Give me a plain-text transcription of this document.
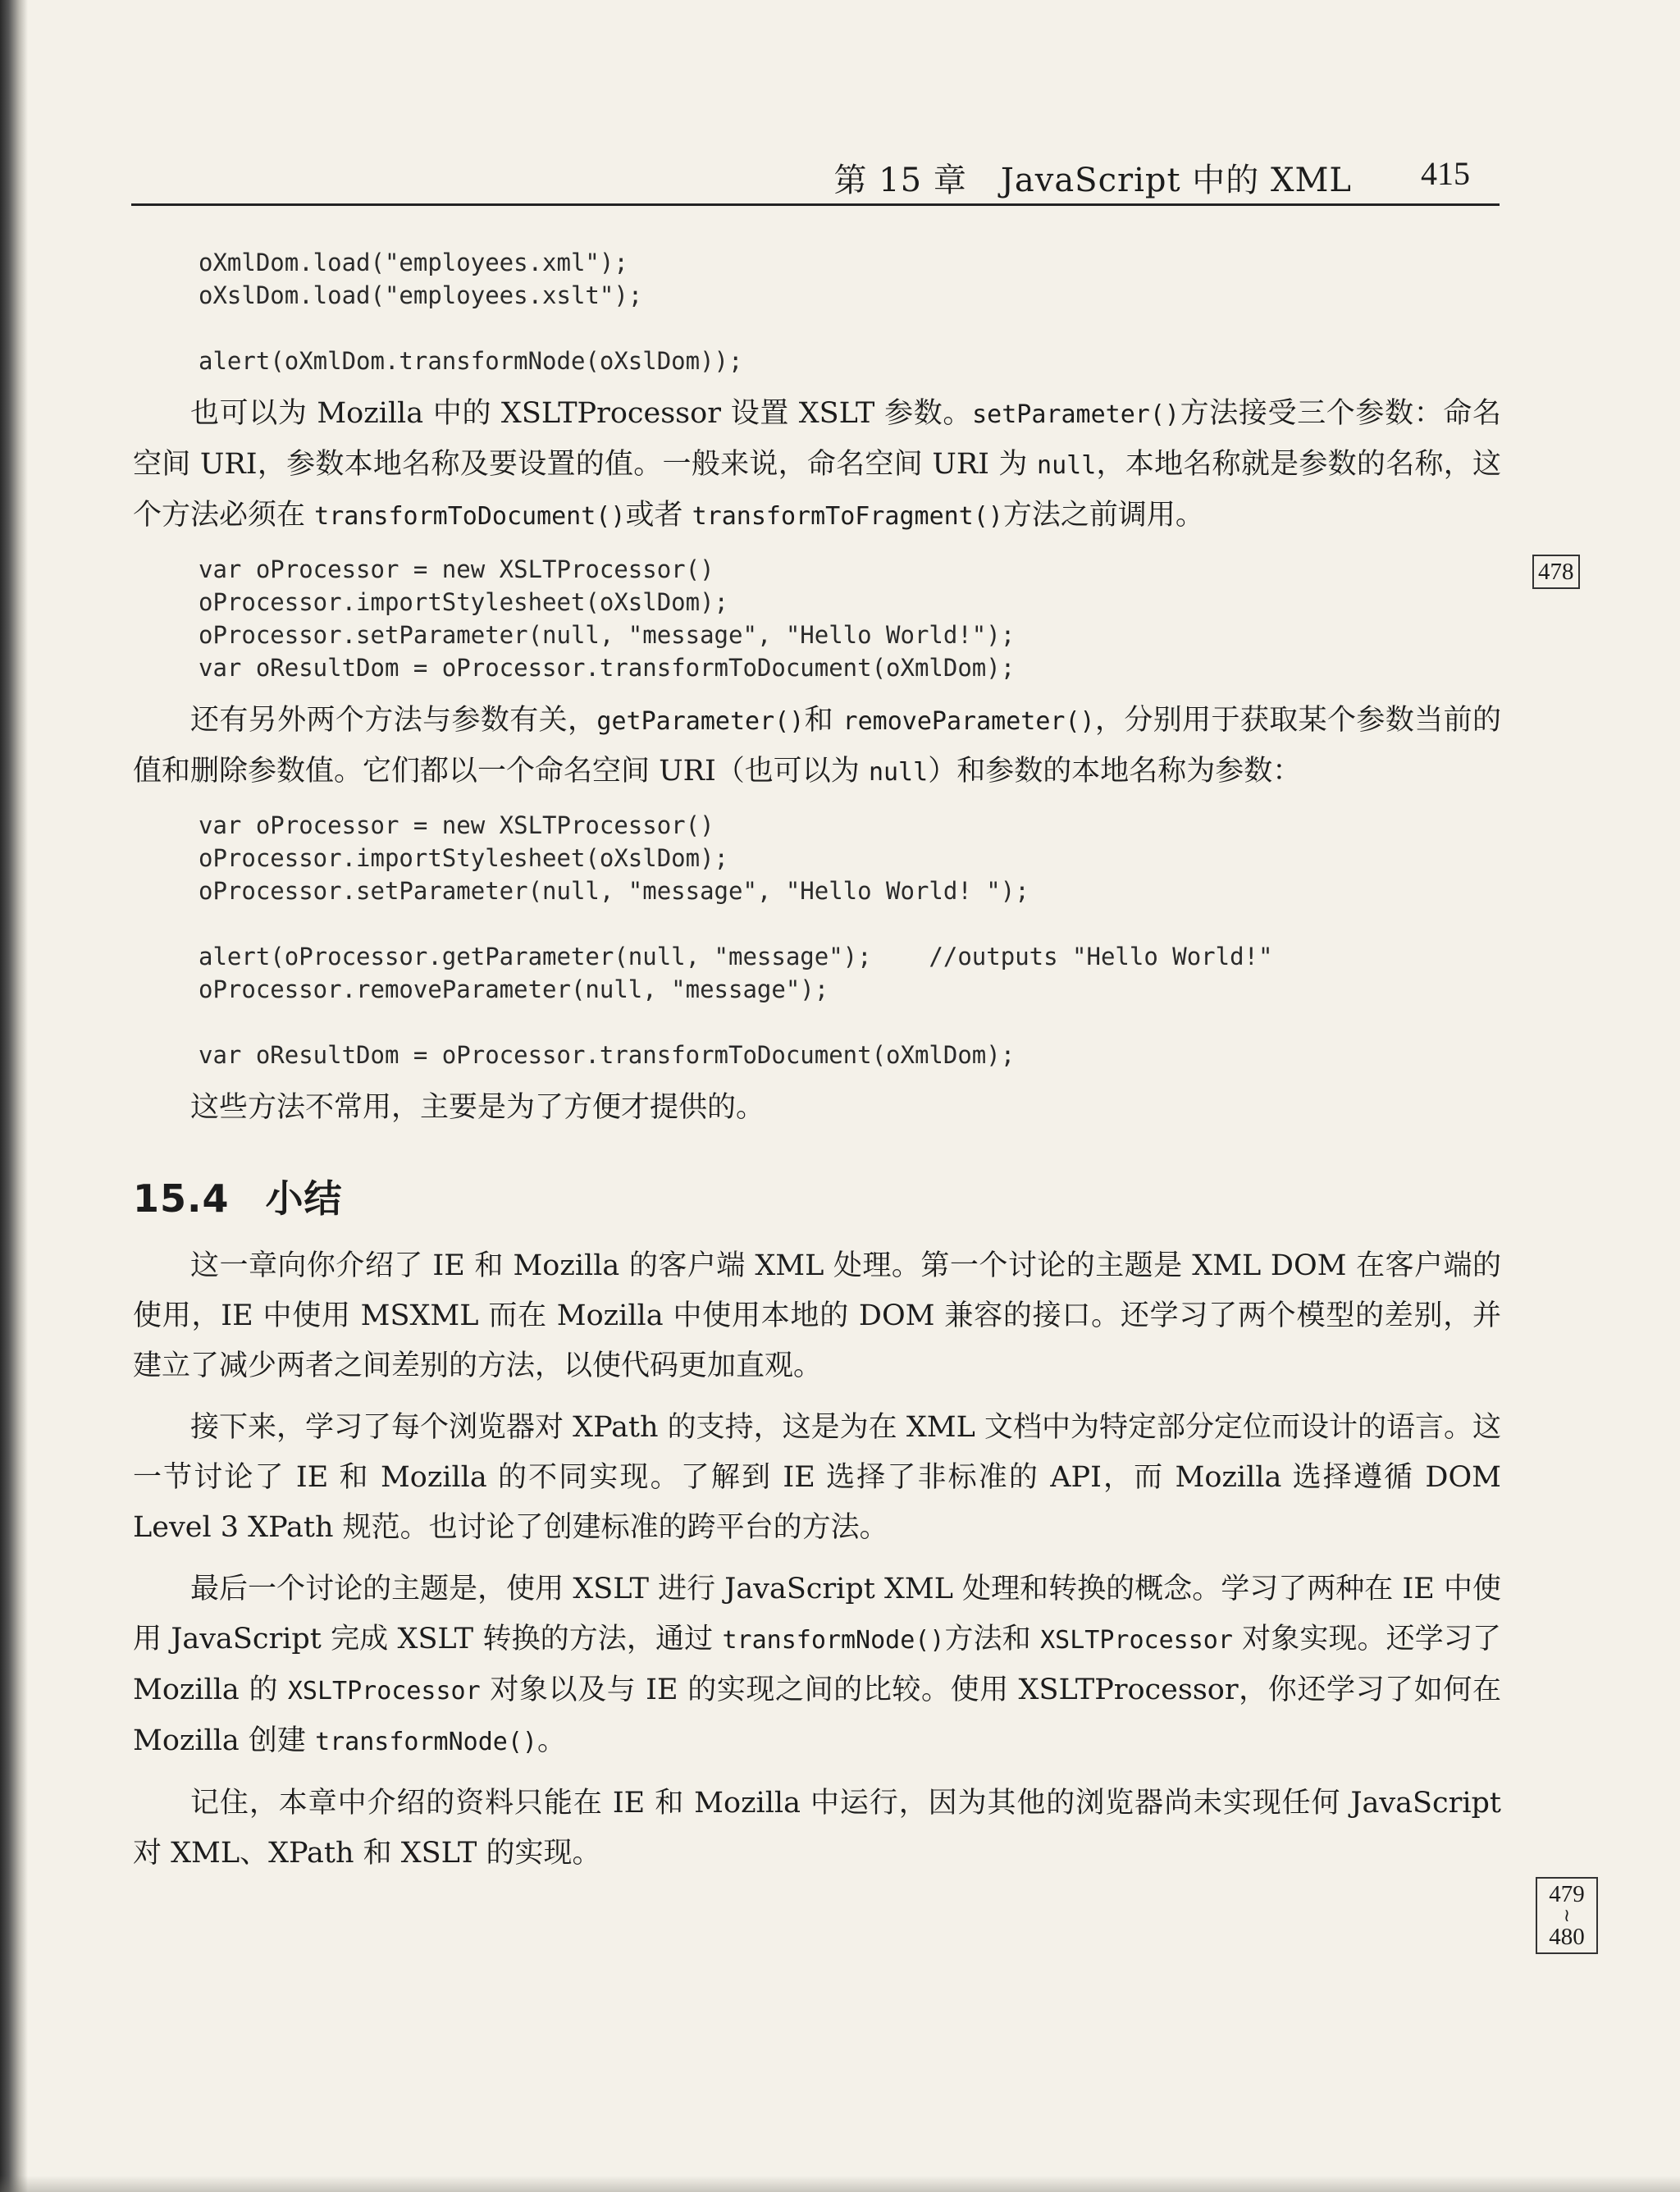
第 15 章　JavaScript 中的 XML 415
478
479
≀
480
oXmlDom.load("employees.xml");
oXslDom.load("employees.xslt");
alert(oXmlDom.transformNode(oXslDom));

也可以为 Mozilla 中的 XSLTProcessor 设置 XSLT 参数。setParameter()方法接受三个参数：命名空间 URI，参数本地名称及要设置的值。一般来说，命名空间 URI 为 null，本地名称就是参数的名称，这个方法必须在 transformToDocument()或者 transformToFragment()方法之前调用。

var oProcessor = new XSLTProcessor()
oProcessor.importStylesheet(oXslDom);
oProcessor.setParameter(null, "message", "Hello World!");
var oResultDom = oProcessor.transformToDocument(oXmlDom);

还有另外两个方法与参数有关，getParameter()和 removeParameter()，分别用于获取某个参数当前的值和删除参数值。它们都以一个命名空间 URI（也可以为 null）和参数的本地名称为参数：

var oProcessor = new XSLTProcessor()
oProcessor.importStylesheet(oXslDom);
oProcessor.setParameter(null, "message", "Hello World! ");
alert(oProcessor.getParameter(null, "message");    //outputs "Hello World!"
oProcessor.removeParameter(null, "message");
var oResultDom = oProcessor.transformToDocument(oXmlDom);

这些方法不常用，主要是为了方便才提供的。

15.4 小结

这一章向你介绍了 IE 和 Mozilla 的客户端 XML 处理。第一个讨论的主题是 XML DOM 在客户端的使用，IE 中使用 MSXML 而在 Mozilla 中使用本地的 DOM 兼容的接口。还学习了两个模型的差别，并建立了减少两者之间差别的方法，以使代码更加直观。

接下来，学习了每个浏览器对 XPath 的支持，这是为在 XML 文档中为特定部分定位而设计的语言。这一节讨论了 IE 和 Mozilla 的不同实现。了解到 IE 选择了非标准的 API，而 Mozilla 选择遵循 DOM Level 3 XPath 规范。也讨论了创建标准的跨平台的方法。

最后一个讨论的主题是，使用 XSLT 进行 JavaScript XML 处理和转换的概念。学习了两种在 IE 中使用 JavaScript 完成 XSLT 转换的方法，通过 transformNode()方法和 XSLTProcessor 对象实现。还学习了 Mozilla 的 XSLTProcessor 对象以及与 IE 的实现之间的比较。使用 XSLTProcessor，你还学习了如何在 Mozilla 创建 transformNode()。

记住，本章中介绍的资料只能在 IE 和 Mozilla 中运行，因为其他的浏览器尚未实现任何 JavaScript 对 XML、XPath 和 XSLT 的实现。
